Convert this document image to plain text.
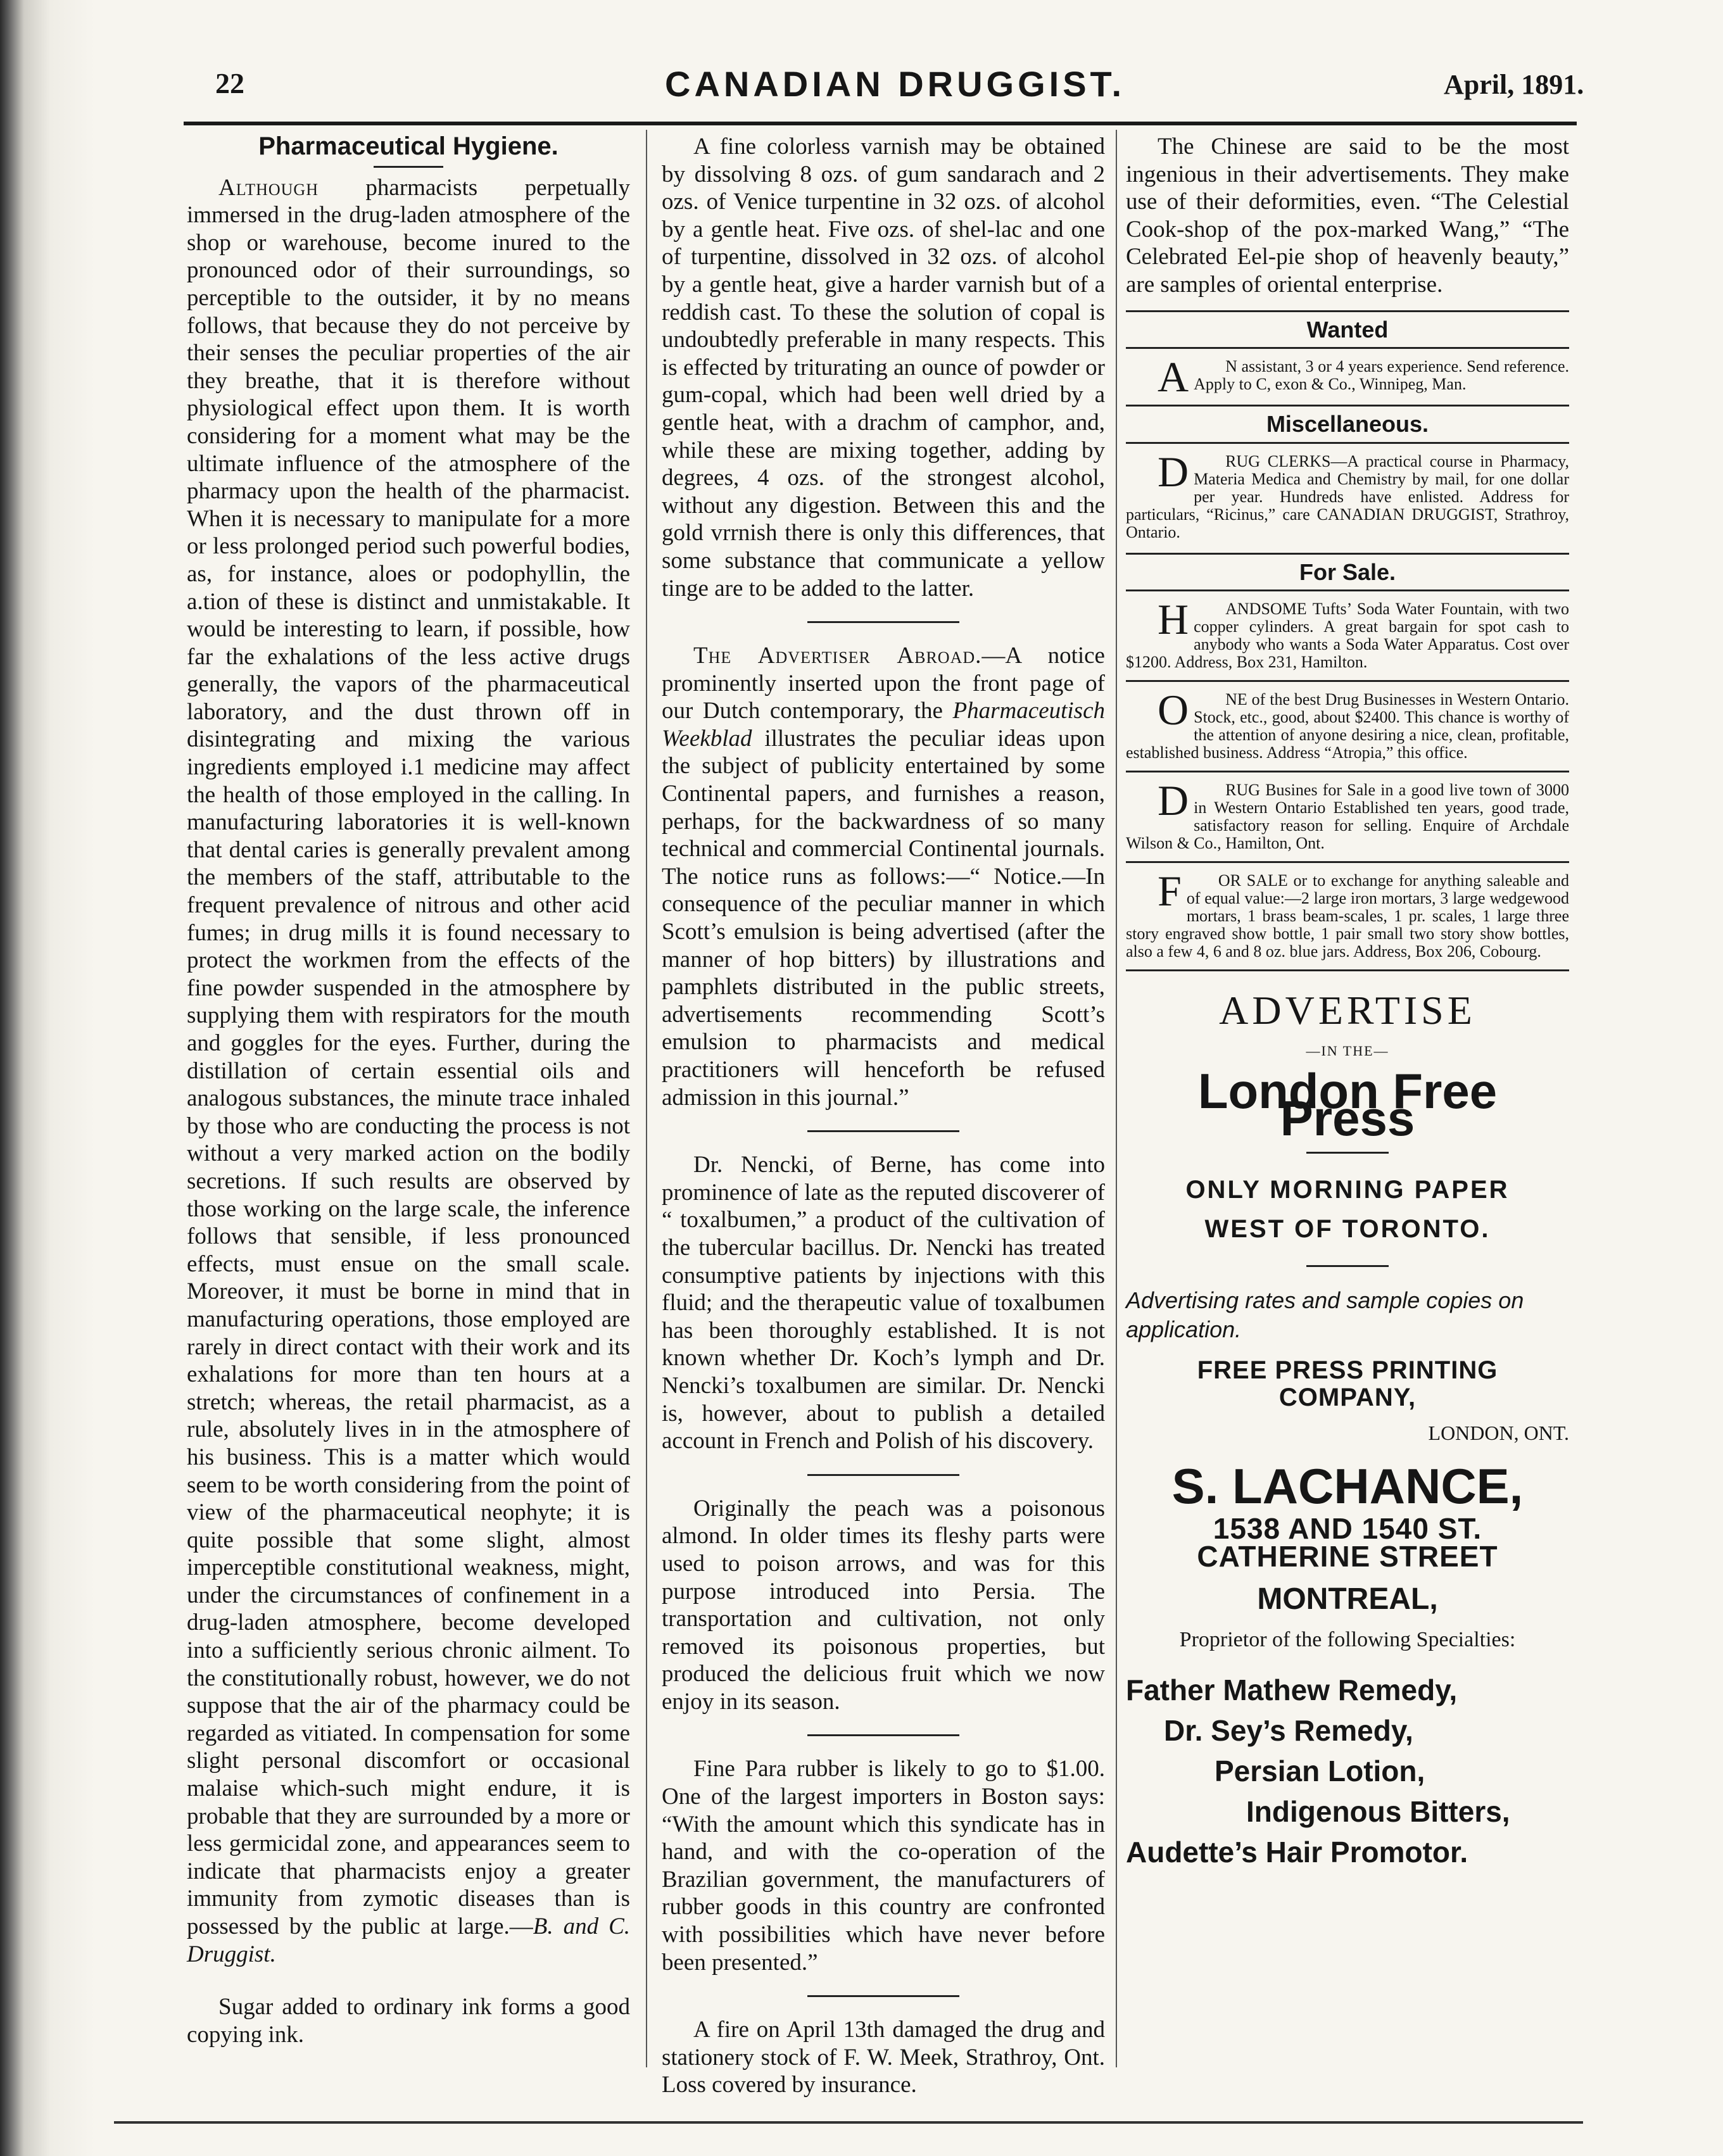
22	CANADIAN DRUGGIST.	April, 1891.
Pharmaceutical Hygiene.

Although pharmacists perpetually immersed in the drug-laden atmosphere of the shop or warehouse, become inured to the pronounced odor of their surroundings, so perceptible to the outsider, it by no means follows, that because they do not perceive by their senses the peculiar properties of the air they breathe, that it is therefore without physiological effect upon them. It is worth considering for a moment what may be the ultimate influence of the atmosphere of the pharmacy upon the health of the pharmacist. When it is necessary to manipulate for a more or less prolonged period such powerful bodies, as, for instance, aloes or podophyllin, the a.tion of these is distinct and unmistakable. It would be interesting to learn, if possible, how far the exhalations of the less active drugs generally, the vapors of the pharmaceutical laboratory, and the dust thrown off in disintegrating and mixing the various ingredients employed i.1 medicine may affect the health of those employed in the calling. In manufacturing laboratories it is well-known that dental caries is generally prevalent among the members of the staff, attributable to the frequent prevalence of nitrous and other acid fumes; in drug mills it is found necessary to protect the workmen from the effects of the fine powder suspended in the atmosphere by supplying them with respirators for the mouth and goggles for the eyes. Further, during the distillation of certain essential oils and analogous substances, the minute trace inhaled by those who are conducting the process is not without a very marked action on the bodily secretions. If such results are observed by those working on the large scale, the inference follows that sensible, if less pronounced effects, must ensue on the small scale. Moreover, it must be borne in mind that in manufacturing operations, those employed are rarely in direct contact with their work and its exhalations for more than ten hours at a stretch; whereas, the retail pharmacist, as a rule, absolutely lives in in the atmosphere of his business. This is a matter which would seem to be worth considering from the point of view of the pharmaceutical neophyte; it is quite possible that some slight, almost imperceptible constitutional weakness, might, under the circumstances of confinement in a drug-laden atmosphere, become developed into a sufficiently serious chronic ailment. To the constitutionally robust, however, we do not suppose that the air of the pharmacy could be regarded as vitiated. In compensation for some slight personal discomfort or occasional malaise which-such might endure, it is probable that they are surrounded by a more or less germicidal zone, and appearances seem to indicate that pharmacists enjoy a greater immunity from zymotic diseases than is possessed by the public at large.—B. and C. Druggist.

Sugar added to ordinary ink forms a good copying ink.

A fine colorless varnish may be obtained by dissolving 8 ozs. of gum sandarach and 2 ozs. of Venice turpentine in 32 ozs. of alcohol by a gentle heat. Five ozs. of shel-lac and one of turpentine, dissolved in 32 ozs. of alcohol by a gentle heat, give a harder varnish but of a reddish cast. To these the solution of copal is undoubtedly preferable in many respects. This is effected by triturating an ounce of powder or gum-copal, which had been well dried by a gentle heat, with a drachm of camphor, and, while these are mixing together, adding by degrees, 4 ozs. of the strongest alcohol, without any digestion. Between this and the gold vrrnish there is only this differences, that some substance that communicate a yellow tinge are to be added to the latter.

The Advertiser Abroad.—A notice prominently inserted upon the front page of our Dutch contemporary, the Pharmaceutisch Weekblad illustrates the peculiar ideas upon the subject of publicity entertained by some Continental papers, and furnishes a reason, perhaps, for the backwardness of so many technical and commercial Continental journals. The notice runs as follows:—“ Notice.—In consequence of the peculiar manner in which Scott’s emulsion is being advertised (after the manner of hop bitters) by illustrations and pamphlets distributed in the public streets, advertisements recommending Scott’s emulsion to pharmacists and medical practitioners will henceforth be refused admission in this journal.”

Dr. Nencki, of Berne, has come into prominence of late as the reputed discoverer of “ toxalbumen,” a product of the cultivation of the tubercular bacillus. Dr. Nencki has treated consumptive patients by injections with this fluid; and the therapeutic value of toxalbumen has been thoroughly established. It is not known whether Dr. Koch’s lymph and Dr. Nencki’s toxalbumen are similar. Dr. Nencki is, however, about to publish a detailed account in French and Polish of his discovery.

Originally the peach was a poisonous almond. In older times its fleshy parts were used to poison arrows, and was for this purpose introduced into Persia. The transportation and cultivation, not only removed its poisonous properties, but produced the delicious fruit which we now enjoy in its season.

Fine Para rubber is likely to go to $1.00. One of the largest importers in Boston says: “With the amount which this syndicate has in hand, and with the co-operation of the Brazilian government, the manufacturers of rubber goods in this country are confronted with possibilities which have never before been presented.”

A fire on April 13th damaged the drug and stationery stock of F. W. Meek, Strathroy, Ont. Loss covered by insurance.

The Chinese are said to be the most ingenious in their advertisements. They make use of their deformities, even. “The Celestial Cook-shop of the pox-marked Wang,” “The Celebrated Eel-pie shop of heavenly beauty,” are samples of oriental enterprise.

Wanted

A N assistant, 3 or 4 years experience. Send reference. Apply to C, exon & Co., Winnipeg, Man.

Miscellaneous.

D RUG CLERKS—A practical course in Pharmacy, Materia Medica and Chemistry by mail, for one dollar per year. Hundreds have enlisted. Address for particulars, “Ricinus,” care CANADIAN DRUGGIST, Strathroy, Ontario.

For Sale.

H ANDSOME Tufts’ Soda Water Fountain, with two copper cylinders. A great bargain for spot cash to anybody who wants a Soda Water Apparatus. Cost over $1200. Address, Box 231, Hamilton.

O NE of the best Drug Businesses in Western Ontario. Stock, etc., good, about $2400. This chance is worthy of the attention of anyone desiring a nice, clean, profitable, established business. Address “Atropia,” this office.

D RUG Busines for Sale in a good live town of 3000 in Western Ontario Established ten years, good trade, satisfactory reason for selling. Enquire of Archdale Wilson & Co., Hamilton, Ont.

F OR SALE or to exchange for anything saleable and of equal value:—2 large iron mortars, 3 large wedgewood mortars, 1 brass beam-scales, 1 pr. scales, 1 large three story engraved show bottle, 1 pair small two story show bottles, also a few 4, 6 and 8 oz. blue jars. Address, Box 206, Cobourg.

ADVERTISE
—IN THE—
London Free Press
ONLY MORNING PAPER
WEST OF TORONTO.
Advertising rates and sample copies on application.
FREE PRESS PRINTING COMPANY,
LONDON, ONT.
S. LACHANCE,
1538 AND 1540 ST. CATHERINE STREET
MONTREAL,
Proprietor of the following Specialties:
Father Mathew Remedy,
Dr. Sey’s Remedy,
Persian Lotion,
Indigenous Bitters,
Audette’s Hair Promotor.
